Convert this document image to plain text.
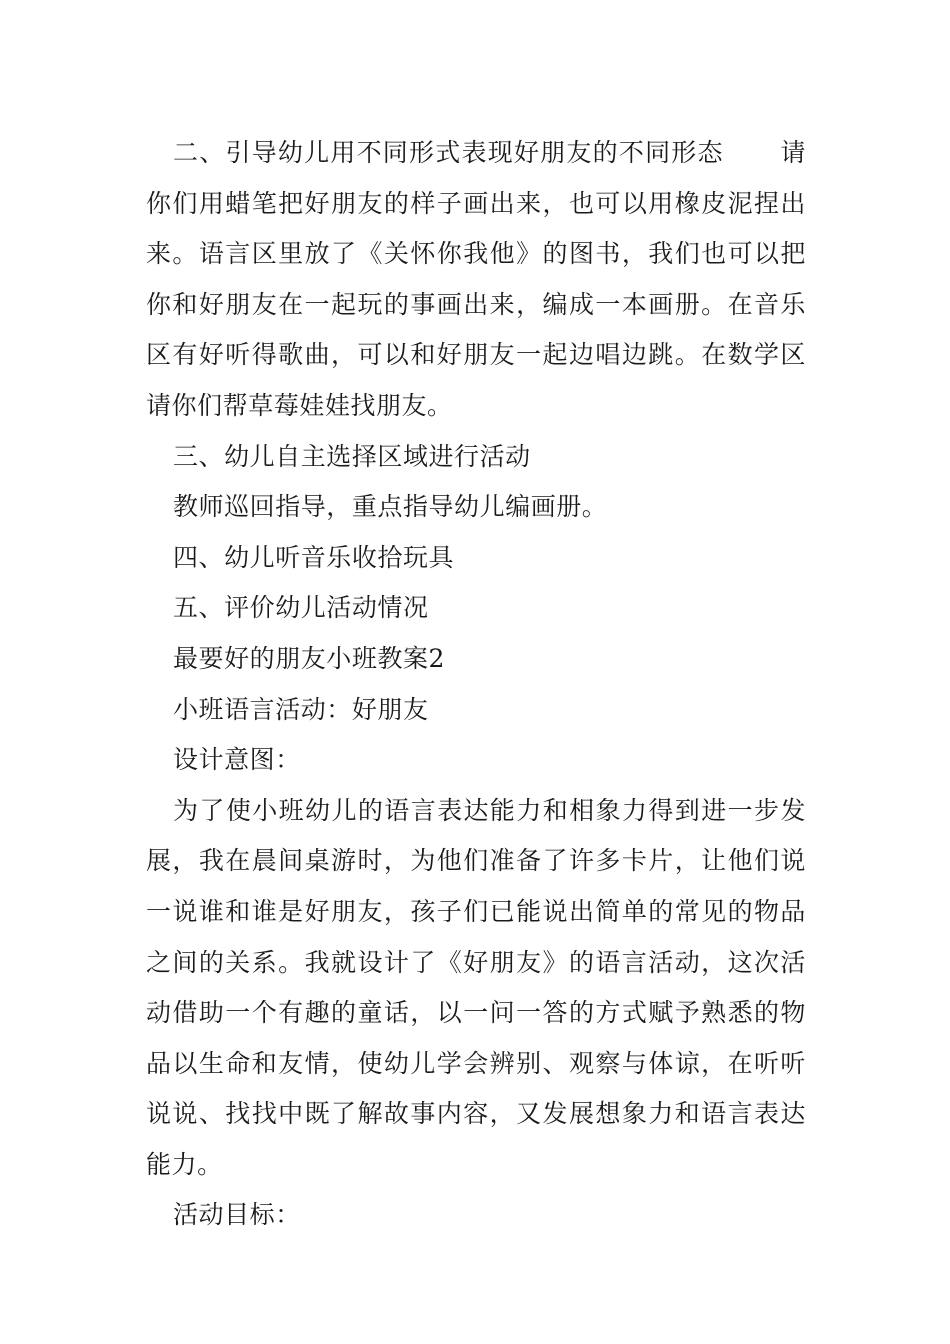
二、引导幼儿用不同形式表现好朋友的不同形态 请你们用蜡笔把好朋友的样子画出来，也可以用橡皮泥捏出来。语言区里放了《关怀你我他》的图书，我们也可以把你和好朋友在一起玩的事画出来，编成一本画册。在音乐区有好听得歌曲，可以和好朋友一起边唱边跳。在数学区请你们帮草莓娃娃找朋友。

三、幼儿自主选择区域进行活动

教师巡回指导，重点指导幼儿编画册。

四、幼儿听音乐收拾玩具

五、评价幼儿活动情况

最要好的朋友小班教案2

小班语言活动：好朋友

设计意图：

为了使小班幼儿的语言表达能力和相象力得到进一步发展，我在晨间桌游时，为他们准备了许多卡片，让他们说一说谁和谁是好朋友，孩子们已能说出简单的常见的物品之间的关系。我就设计了《好朋友》的语言活动，这次活动借助一个有趣的童话，以一问一答的方式赋予熟悉的物品以生命和友情，使幼儿学会辨别、观察与体谅，在听听说说、找找中既了解故事内容，又发展想象力和语言表达能力。

活动目标：
